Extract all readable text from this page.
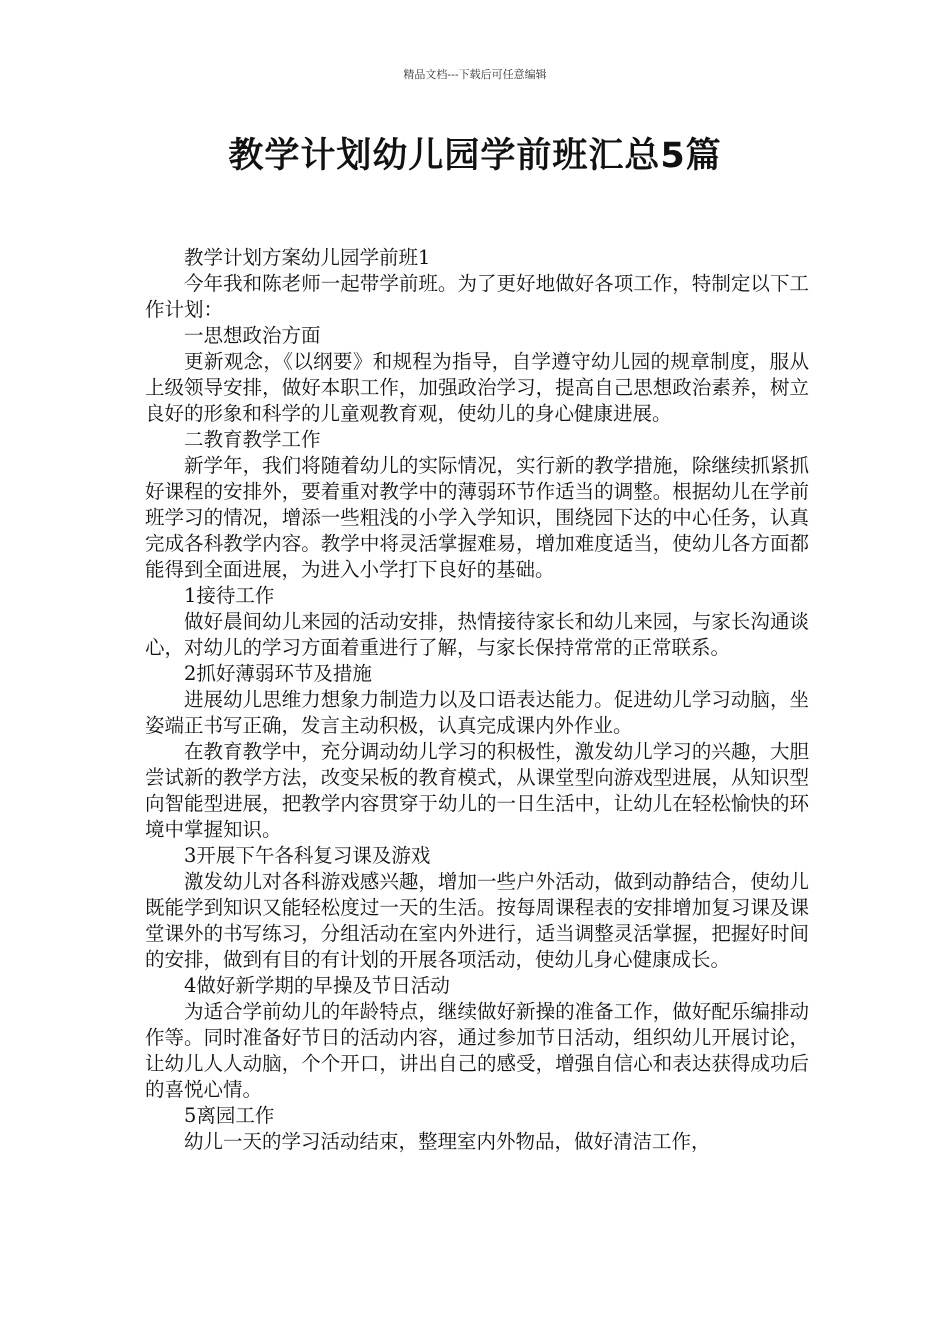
精品文档---下载后可任意编辑
教学计划幼儿园学前班汇总5篇

教学计划方案幼儿园学前班1

今年我和陈老师一起带学前班。为了更好地做好各项工作，特制定以下工作计划：

一思想政治方面

更新观念，《以纲要》和规程为指导，自学遵守幼儿园的规章制度，服从上级领导安排，做好本职工作，加强政治学习，提高自己思想政治素养，树立良好的形象和科学的儿童观教育观，使幼儿的身心健康进展。

二教育教学工作

新学年，我们将随着幼儿的实际情况，实行新的教学措施，除继续抓紧抓好课程的安排外，要着重对教学中的薄弱环节作适当的调整。根据幼儿在学前班学习的情况，增添一些粗浅的小学入学知识，围绕园下达的中心任务，认真完成各科教学内容。教学中将灵活掌握难易，增加难度适当，使幼儿各方面都能得到全面进展，为进入小学打下良好的基础。

1接待工作

做好晨间幼儿来园的活动安排，热情接待家长和幼儿来园，与家长沟通谈心，对幼儿的学习方面着重进行了解，与家长保持常常的正常联系。

2抓好薄弱环节及措施

进展幼儿思维力想象力制造力以及口语表达能力。促进幼儿学习动脑，坐姿端正书写正确，发言主动积极，认真完成课内外作业。

在教育教学中，充分调动幼儿学习的积极性，激发幼儿学习的兴趣，大胆尝试新的教学方法，改变呆板的教育模式，从课堂型向游戏型进展，从知识型向智能型进展，把教学内容贯穿于幼儿的一日生活中，让幼儿在轻松愉快的环境中掌握知识。

3开展下午各科复习课及游戏

激发幼儿对各科游戏感兴趣，增加一些户外活动，做到动静结合，使幼儿既能学到知识又能轻松度过一天的生活。按每周课程表的安排增加复习课及课堂课外的书写练习，分组活动在室内外进行，适当调整灵活掌握，把握好时间的安排，做到有目的有计划的开展各项活动，使幼儿身心健康成长。

4做好新学期的早操及节日活动

为适合学前幼儿的年龄特点，继续做好新操的准备工作，做好配乐编排动作等。同时准备好节日的活动内容，通过参加节日活动，组织幼儿开展讨论，让幼儿人人动脑，个个开口，讲出自己的感受，增强自信心和表达获得成功后的喜悦心情。

5离园工作

幼儿一天的学习活动结束，整理室内外物品，做好清洁工作，
